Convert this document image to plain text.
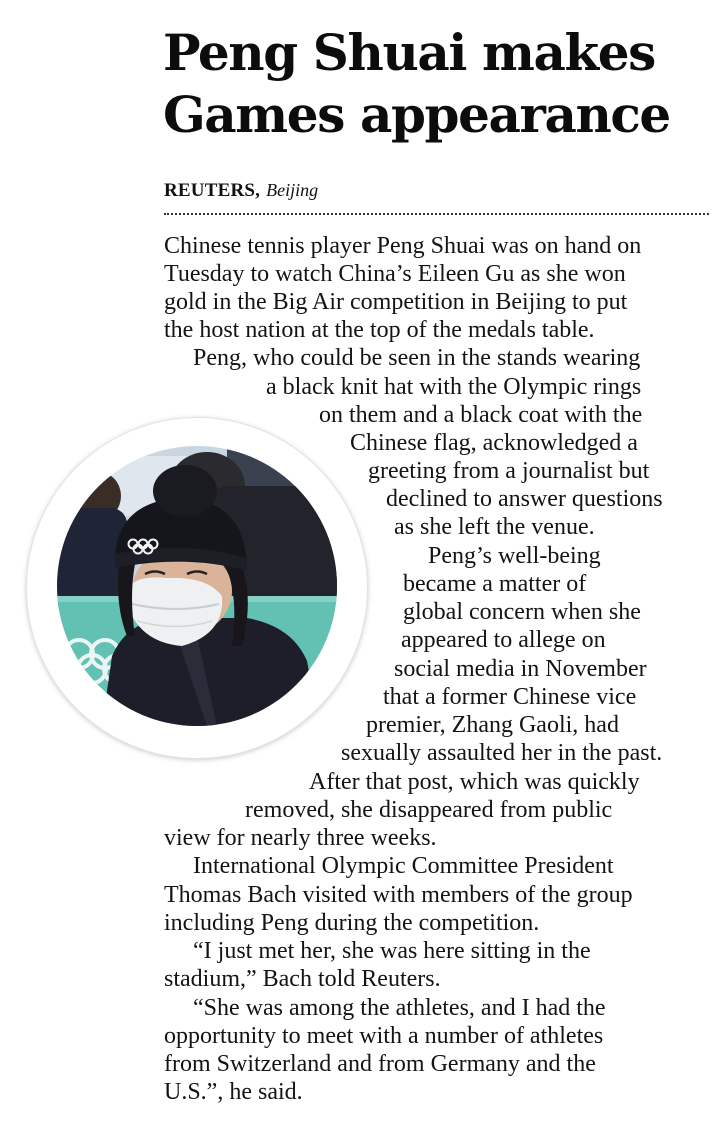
Peng Shuai makes
Games appearance
REUTERS, Beijing
Chinese tennis player Peng Shuai was on hand on
Tuesday to watch China’s Eileen Gu as she won
gold in the Big Air competition in Beijing to put
the host nation at the top of the medals table.
Peng, who could be seen in the stands wearing
a black knit hat with the Olympic rings
on them and a black coat with the
Chinese flag, acknowledged a
greeting from a journalist but
declined to answer questions
as she left the venue.
Peng’s well-being
became a matter of
global concern when she
appeared to allege on
social media in November
that a former Chinese vice
premier, Zhang Gaoli, had
sexually assaulted her in the past.
After that post, which was quickly
removed, she disappeared from public
view for nearly three weeks.
International Olympic Committee President
Thomas Bach visited with members of the group
including Peng during the competition.
“I just met her, she was here sitting in the
stadium,” Bach told Reuters.
“She was among the athletes, and I had the
opportunity to meet with a number of athletes
from Switzerland and from Germany and the
U.S.”, he said.
